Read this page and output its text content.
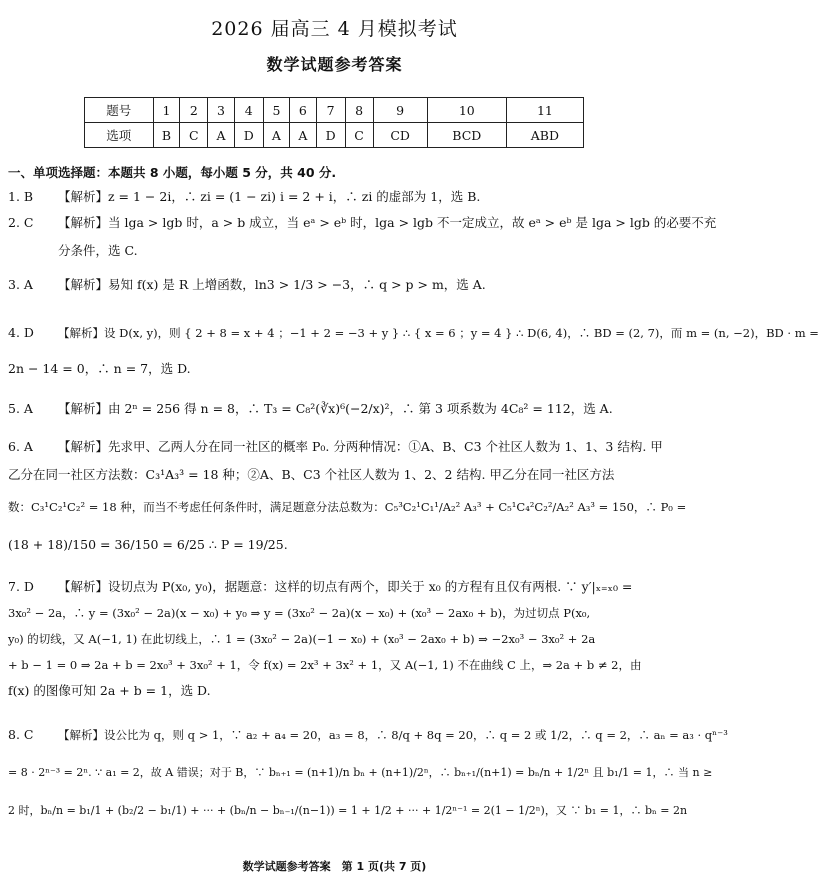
2026 届高三 4 月模拟考试
数学试题参考答案
题号	1	2	3	4	5	6	7	8	9	10	11
选项	B	C	A	D	A	A	D	C	CD	BCD	ABD
一、单项选择题：本题共 8 小题，每小题 5 分，共 40 分.
1. B 【解析】z = 1 − 2i，∴ zi = (1 − zi) i = 2 + i，∴ zi 的虚部为 1，选 B.
2. C 【解析】当 lga > lgb 时，a > b 成立，当 eᵃ > eᵇ 时，lga > lgb 不一定成立，故 eᵃ > eᵇ 是 lga > lgb 的必要不充
分条件，选 C.
3. A 【解析】易知 f(x) 是 R 上增函数，ln3 > 1/3 > −3，∴ q > p > m，选 A.
4. D 【解析】设 D(x, y)，则 { 2 + 8 = x + 4 ；−1 + 2 = −3 + y } ∴ { x = 6 ；y = 4 } ∴ D(6, 4)，∴ BD = (2, 7)，而 m = (n, −2)，BD · m =
2n − 14 = 0，∴ n = 7，选 D.
5. A 【解析】由 2ⁿ = 256 得 n = 8，∴ T₃ = C₈²(∛x)⁶(−2/x)²，∴ 第 3 项系数为 4C₈² = 112，选 A.
6. A 【解析】先求甲、乙两人分在同一社区的概率 P₀. 分两种情况：①A、B、C3 个社区人数为 1、1、3 结构. 甲
乙分在同一社区方法数：C₃¹A₃³ = 18 种；②A、B、C3 个社区人数为 1、2、2 结构. 甲乙分在同一社区方法
数：C₃¹C₂¹C₂² = 18 种，而当不考虑任何条件时，满足题意分法总数为：C₅³C₂¹C₁¹/A₂² A₃³ + C₅¹C₄²C₂²/A₂² A₃³ = 150，∴ P₀ =
(18 + 18)/150 = 36/150 = 6/25 ∴ P = 19/25.
7. D 【解析】设切点为 P(x₀, y₀)，据题意：这样的切点有两个，即关于 x₀ 的方程有且仅有两根. ∵ y′|ₓ₌ₓ₀ =
3x₀² − 2a，∴ y = (3x₀² − 2a)(x − x₀) + y₀ ⇒ y = (3x₀² − 2a)(x − x₀) + (x₀³ − 2ax₀ + b)，为过切点 P(x₀,
y₀) 的切线，又 A(−1, 1) 在此切线上，∴ 1 = (3x₀² − 2a)(−1 − x₀) + (x₀³ − 2ax₀ + b) ⇒ −2x₀³ − 3x₀² + 2a
+ b − 1 = 0 ⇒ 2a + b = 2x₀³ + 3x₀² + 1，令 f(x) = 2x³ + 3x² + 1，又 A(−1, 1) 不在曲线 C 上，⇒ 2a + b ≠ 2，由
f(x) 的图像可知 2a + b = 1，选 D.
8. C 【解析】设公比为 q，则 q > 1，∵ a₂ + a₄ = 20，a₃ = 8，∴ 8/q + 8q = 20，∴ q = 2 或 1/2，∴ q = 2，∴ aₙ = a₃ · qⁿ⁻³
= 8 · 2ⁿ⁻³ = 2ⁿ. ∵ a₁ = 2，故 A 错误；对于 B，∵ bₙ₊₁ = (n+1)/n bₙ + (n+1)/2ⁿ，∴ bₙ₊₁/(n+1) = bₙ/n + 1/2ⁿ 且 b₁/1 = 1，∴ 当 n ≥
2 时，bₙ/n = b₁/1 + (b₂/2 − b₁/1) + ··· + (bₙ/n − bₙ₋₁/(n−1)) = 1 + 1/2 + ··· + 1/2ⁿ⁻¹ = 2(1 − 1/2ⁿ)，又 ∵ b₁ = 1，∴ bₙ = 2n
数学试题参考答案　第 1 页(共 7 页)
